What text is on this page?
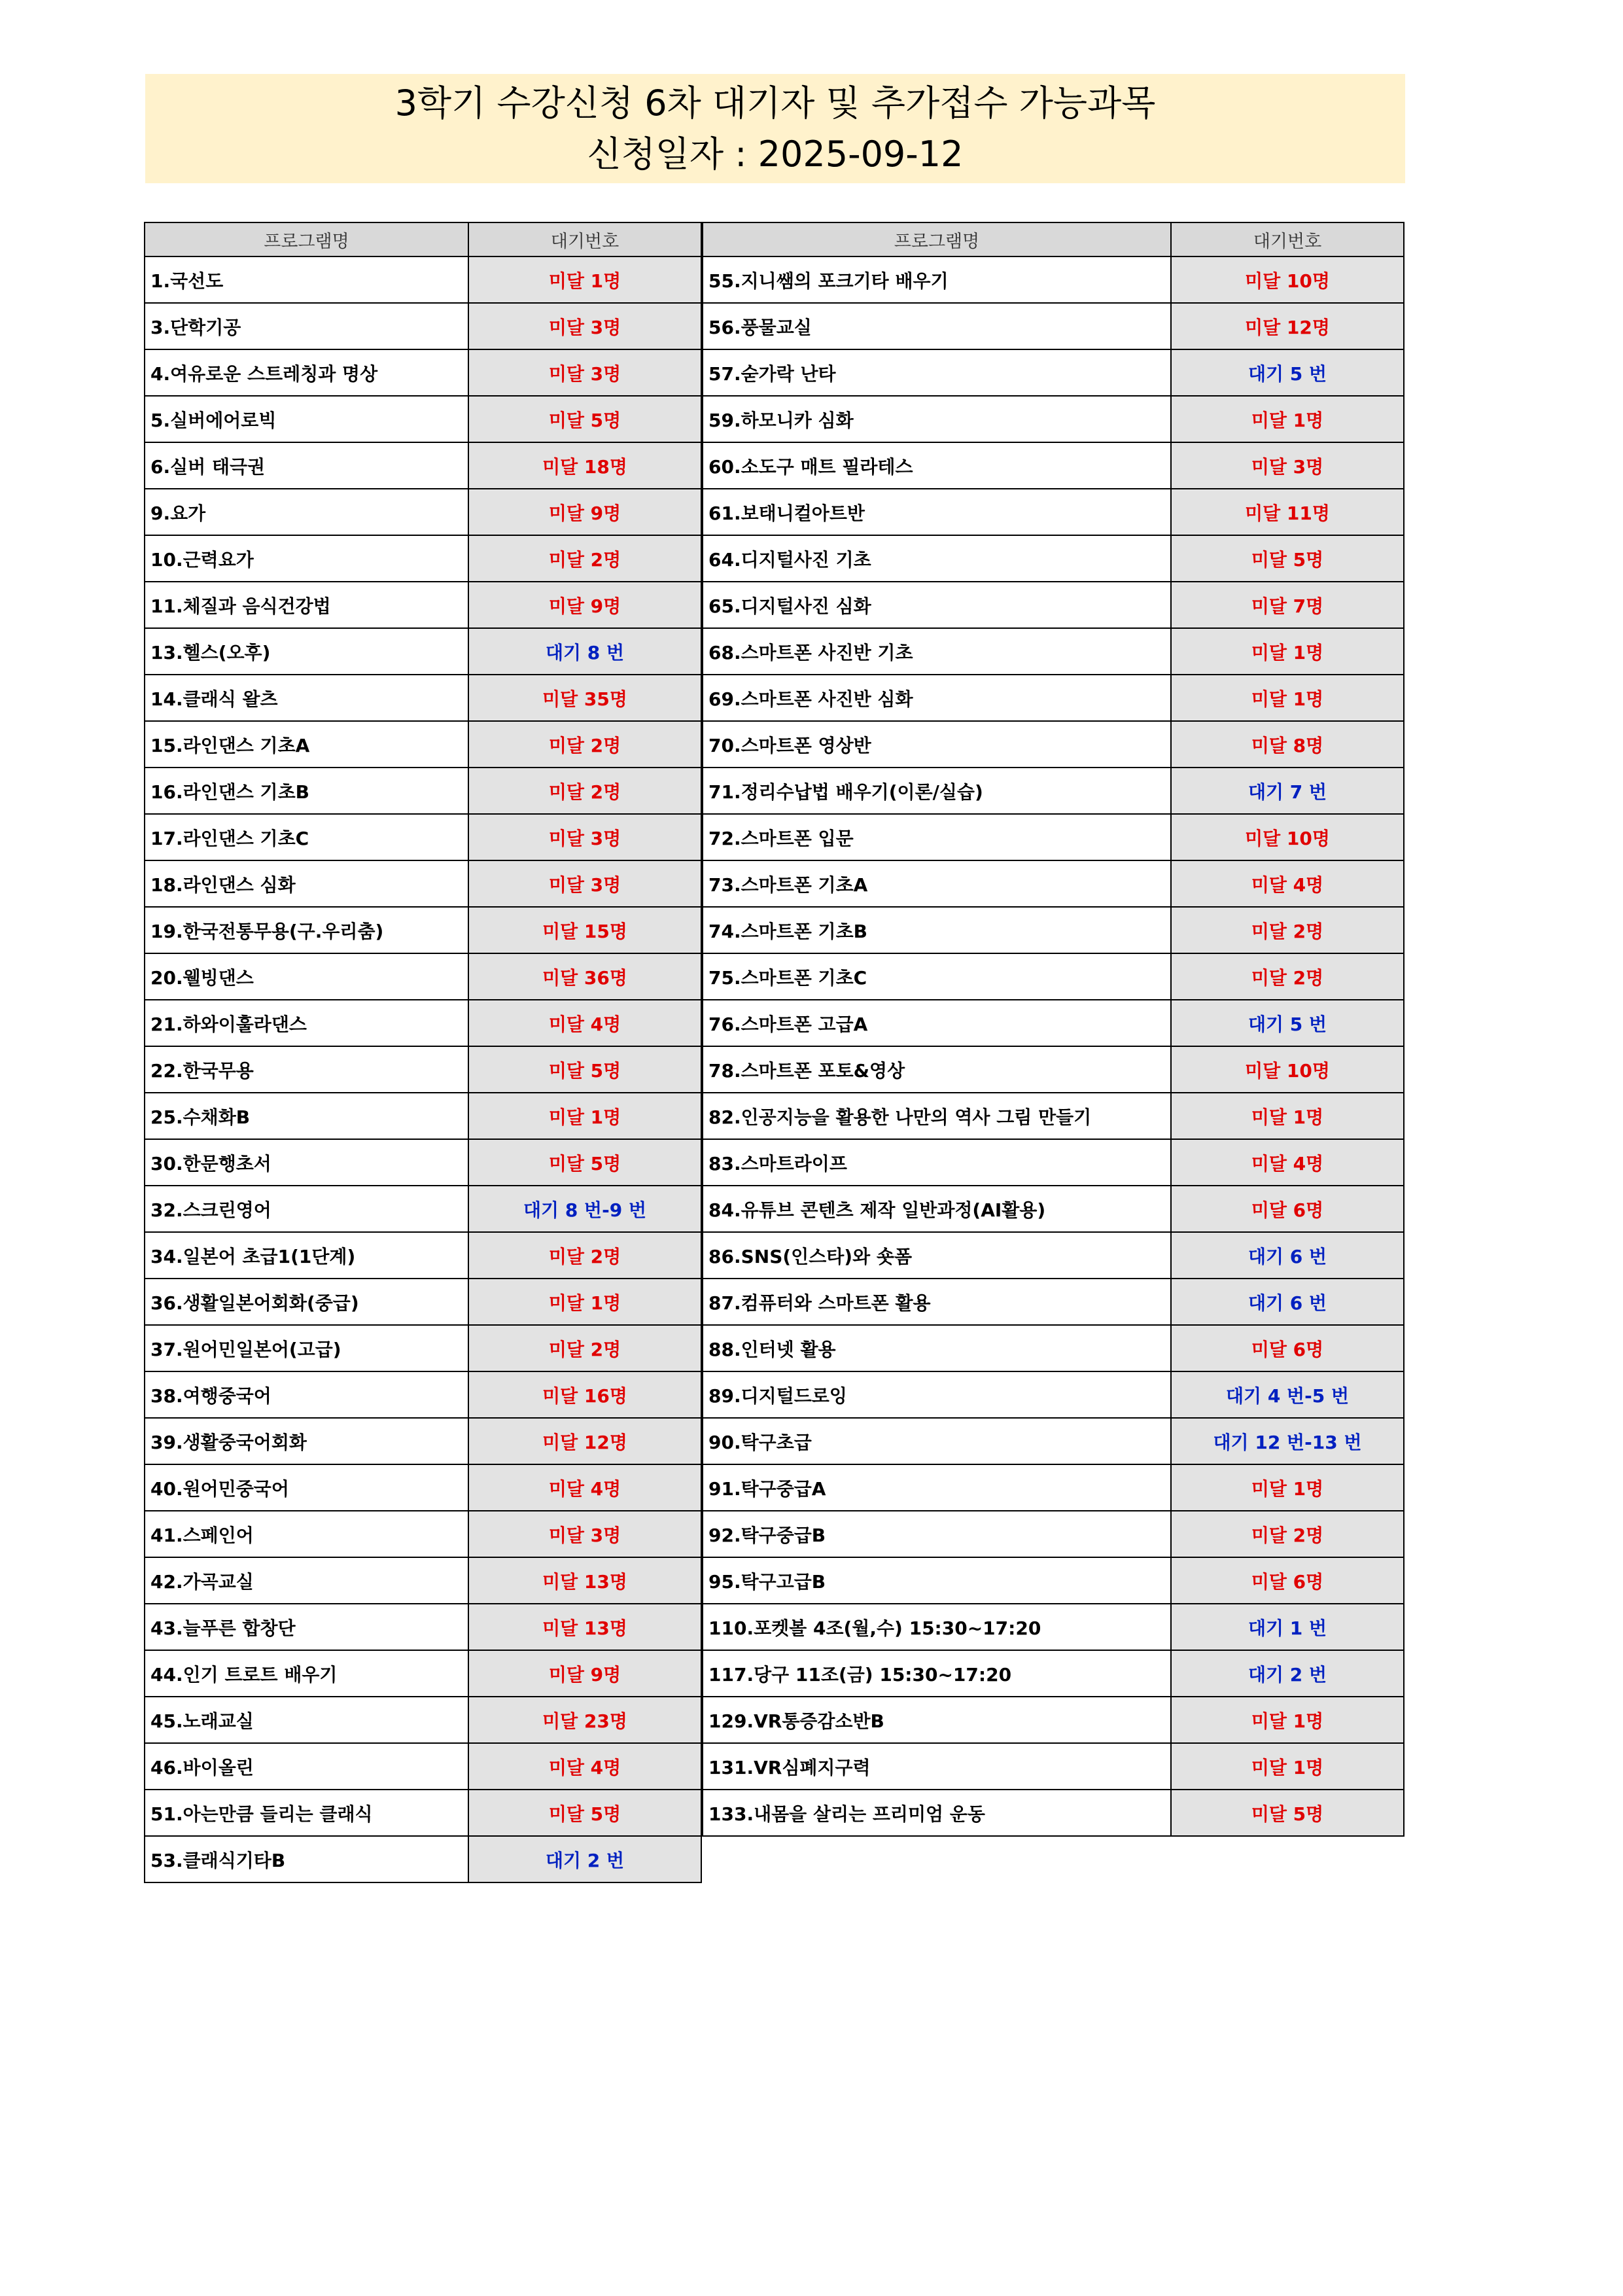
3학기 수강신청 6차 대기자 및 추가접수 가능과목
신청일자 : 2025-09-12
프로그램명	대기번호
1.국선도	미달 1명
3.단학기공	미달 3명
4.여유로운 스트레칭과 명상	미달 3명
5.실버에어로빅	미달 5명
6.실버 태극권	미달 18명
9.요가	미달 9명
10.근력요가	미달 2명
11.체질과 음식건강법	미달 9명
13.헬스(오후)	대기 8 번
14.클래식 왈츠	미달 35명
15.라인댄스 기초A	미달 2명
16.라인댄스 기초B	미달 2명
17.라인댄스 기초C	미달 3명
18.라인댄스 심화	미달 3명
19.한국전통무용(구.우리춤)	미달 15명
20.웰빙댄스	미달 36명
21.하와이훌라댄스	미달 4명
22.한국무용	미달 5명
25.수채화B	미달 1명
30.한문행초서	미달 5명
32.스크린영어	대기 8 번-9 번
34.일본어 초급1(1단계)	미달 2명
36.생활일본어회화(중급)	미달 1명
37.원어민일본어(고급)	미달 2명
38.여행중국어	미달 16명
39.생활중국어회화	미달 12명
40.원어민중국어	미달 4명
41.스페인어	미달 3명
42.가곡교실	미달 13명
43.늘푸른 합창단	미달 13명
44.인기 트로트 배우기	미달 9명
45.노래교실	미달 23명
46.바이올린	미달 4명
51.아는만큼 들리는 클래식	미달 5명
53.클래식기타B	대기 2 번
프로그램명	대기번호
55.지니쌤의 포크기타 배우기	미달 10명
56.풍물교실	미달 12명
57.숟가락 난타	대기 5 번
59.하모니카 심화	미달 1명
60.소도구 매트 필라테스	미달 3명
61.보태니컬아트반	미달 11명
64.디지털사진 기초	미달 5명
65.디지털사진 심화	미달 7명
68.스마트폰 사진반 기초	미달 1명
69.스마트폰 사진반 심화	미달 1명
70.스마트폰 영상반	미달 8명
71.정리수납법 배우기(이론/실습)	대기 7 번
72.스마트폰 입문	미달 10명
73.스마트폰 기초A	미달 4명
74.스마트폰 기초B	미달 2명
75.스마트폰 기초C	미달 2명
76.스마트폰 고급A	대기 5 번
78.스마트폰 포토&영상	미달 10명
82.인공지능을 활용한 나만의 역사 그림 만들기	미달 1명
83.스마트라이프	미달 4명
84.유튜브 콘텐츠 제작 일반과정(AI활용)	미달 6명
86.SNS(인스타)와 숏폼	대기 6 번
87.컴퓨터와 스마트폰 활용	대기 6 번
88.인터넷 활용	미달 6명
89.디지털드로잉	대기 4 번-5 번
90.탁구초급	대기 12 번-13 번
91.탁구중급A	미달 1명
92.탁구중급B	미달 2명
95.탁구고급B	미달 6명
110.포켓볼 4조(월,수) 15:30~17:20	대기 1 번
117.당구 11조(금) 15:30~17:20	대기 2 번
129.VR통증감소반B	미달 1명
131.VR심폐지구력	미달 1명
133.내몸을 살리는 프리미엄 운동	미달 5명
